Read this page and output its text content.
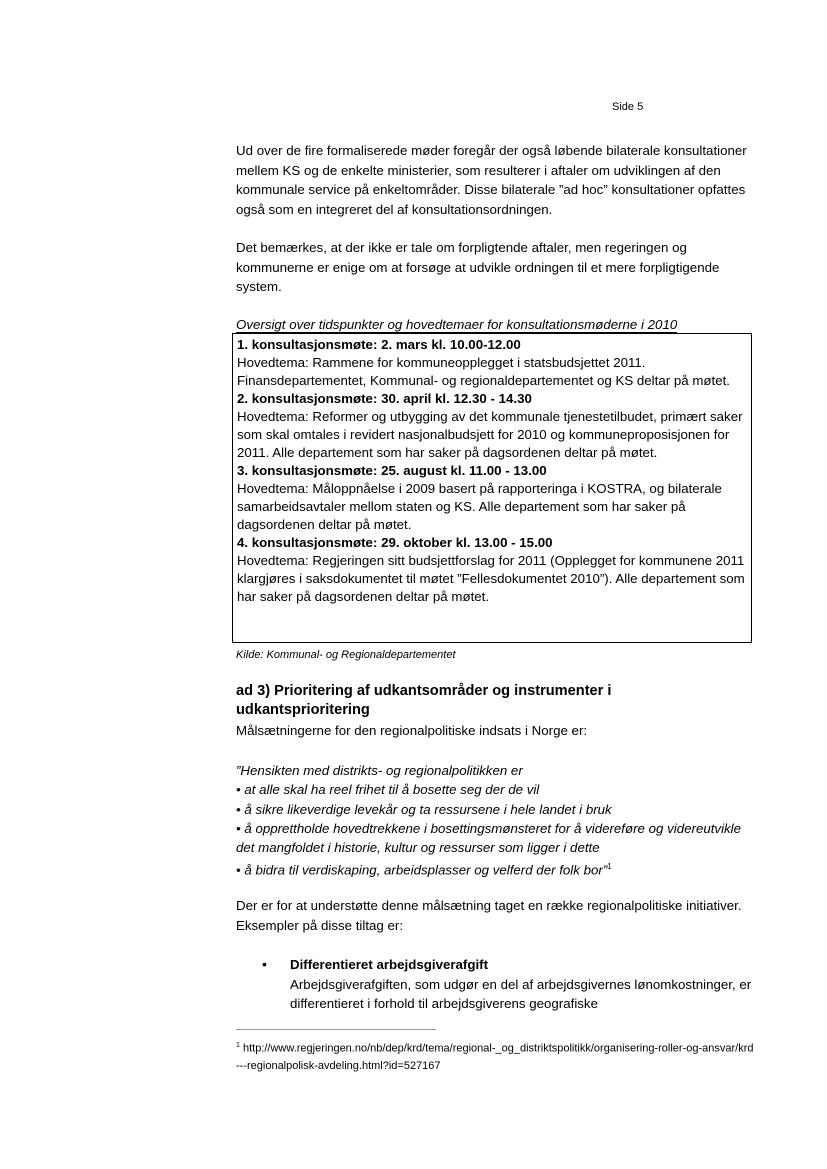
Side 5

Ud over de fire formaliserede møder foregår der også løbende bilaterale konsultationer mellem KS og de enkelte ministerier, som resulterer i aftaler om udviklingen af den kommunale service på enkeltområder. Disse bilaterale ”ad hoc” konsultationer opfattes også som en integreret del af konsultationsordningen.

Det bemærkes, at der ikke er tale om forpligtende aftaler, men regeringen og kommunerne er enige om at forsøge at udvikle ordningen til et mere forpligtigende system.

Oversigt over tidspunkter og hovedtemaer for konsultationsmøderne i 2010
1. konsultasjonsmøte: 2. mars kl. 10.00-12.00

Hovedtema: Rammene for kommuneopplegget i statsbudsjettet 2011. Finansdepartementet, Kommunal- og regionaldepartementet og KS deltar på møtet.

2. konsultasjonsmøte: 30. april kl. 12.30 - 14.30

Hovedtema: Reformer og utbygging av det kommunale tjenestetilbudet, primært saker som skal omtales i revidert nasjonalbudsjett for 2010 og kommuneproposisjonen for 2011. Alle departement som har saker på dagsordenen deltar på møtet.

3. konsultasjonsmøte: 25. august kl. 11.00 - 13.00

Hovedtema: Måloppnåelse i 2009 basert på rapporteringa i KOSTRA, og bilaterale samarbeidsavtaler mellom staten og KS. Alle departement som har saker på dagsordenen deltar på møtet.

4. konsultasjonsmøte: 29. oktober kl. 13.00 - 15.00

Hovedtema: Regjeringen sitt budsjettforslag for 2011 (Opplegget for kommunene 2011 klargjøres i saksdokumentet til møtet ”Fellesdokumentet 2010”). Alle departement som har saker på dagsordenen deltar på møtet.

Kilde: Kommunal- og Regionaldepartementet
ad 3) Prioritering af udkantsområder og instrumenter i udkantsprioritering
Målsætningerne for den regionalpolitiske indsats i Norge er:
”Hensikten med distrikts- og regionalpolitikken er
• at alle skal ha reel frihet til å bosette seg der de vil
• å sikre likeverdige levekår og ta ressursene i hele landet i bruk
• å opprettholde hovedtrekkene i bosettingsmønsteret for å videreføre og videreutvikle det mangfoldet i historie, kultur og ressurser som ligger i dette
• å bidra til verdiskaping, arbeidsplasser og velferd der folk bor”$^1$
Der er for at understøtte denne målsætning taget en række regionalpolitiske initiativer. Eksempler på disse tiltag er:
• Differentieret arbejdsgiverafgift
Arbejdsgiverafgiften, som udgør en del af arbejdsgivernes lønomkostninger, er differentieret i forhold til arbejdsgiverens geografiske
$^1$ http://www.regjeringen.no/nb/dep/krd/tema/regional-_og_distriktspolitikk/organisering-roller-og-ansvar/krd---regionalpolisk-avdeling.html?id=527167
